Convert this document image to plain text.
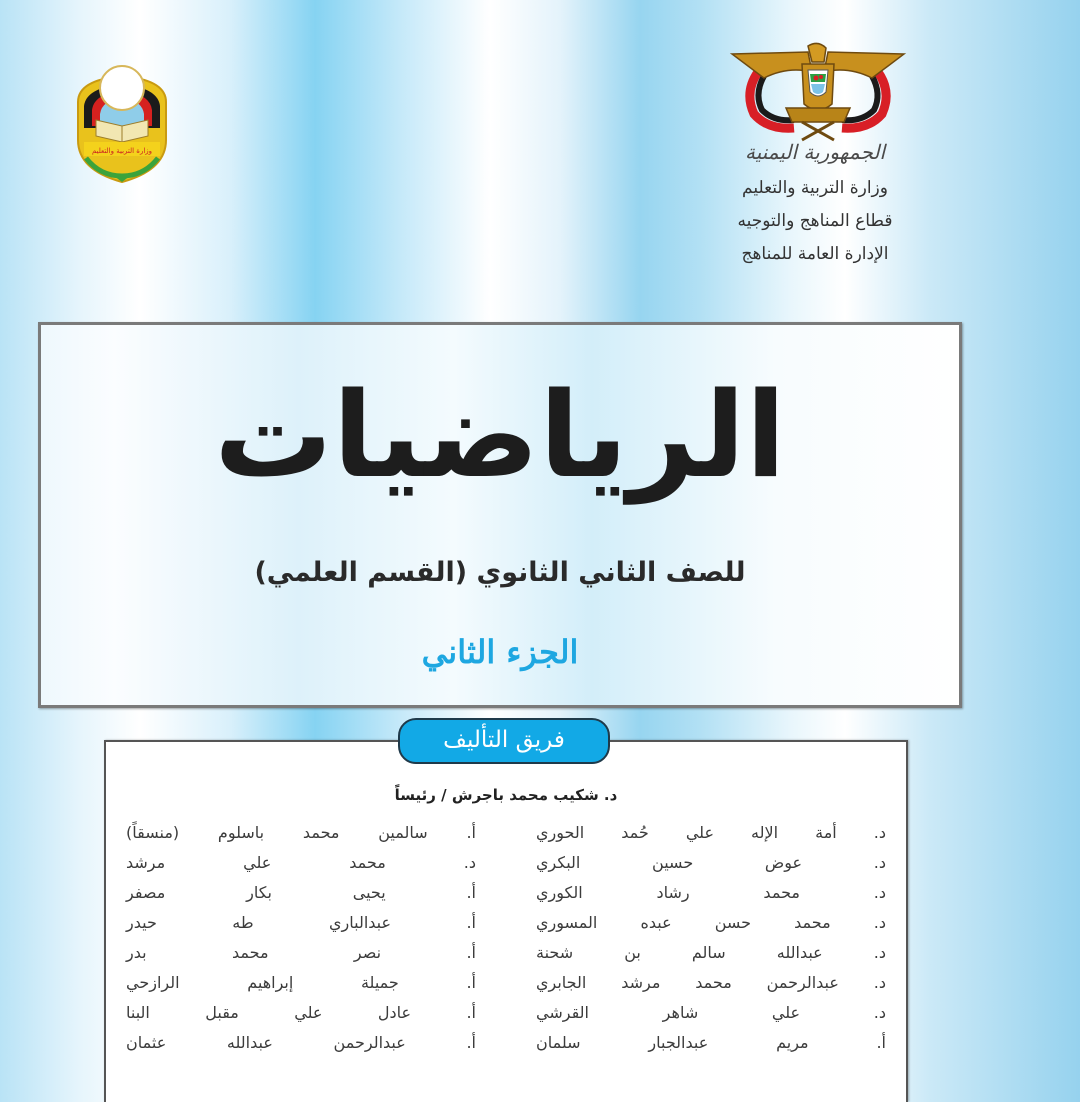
وزارة التربية والتعليم	الجمهورية اليمنية
وزارة التربية والتعليم
قطاع المناهج والتوجيه
الإدارة العامة للمناهج
الرياضيات
للصف الثاني الثانوي (القسم العلمي)
الجزء الثاني
فريق التأليف
د. شكيب محمد باجرش / رئيساً
د. أمة الإله علي حُمد الحوري
د. عوض حسين البكري
د. محمد رشاد الكوري
د. محمد حسن عبده المسوري
د. عبدالله سالم بن شحنة
د. عبدالرحمن محمد مرشد الجابري
د. علي شاهر القرشي
أ. مريم عبدالجبار سلمان
أ. سالمين محمد باسلوم (منسقاً)
د. محمد علي مرشد
أ. يحيى بكار مصفر
أ. عبدالباري طه حيدر
أ. نصر محمد بدر
أ. جميلة إبراهيم الرازحي
أ. عادل علي مقبل البنا
أ. عبدالرحمن عبدالله عثمان
